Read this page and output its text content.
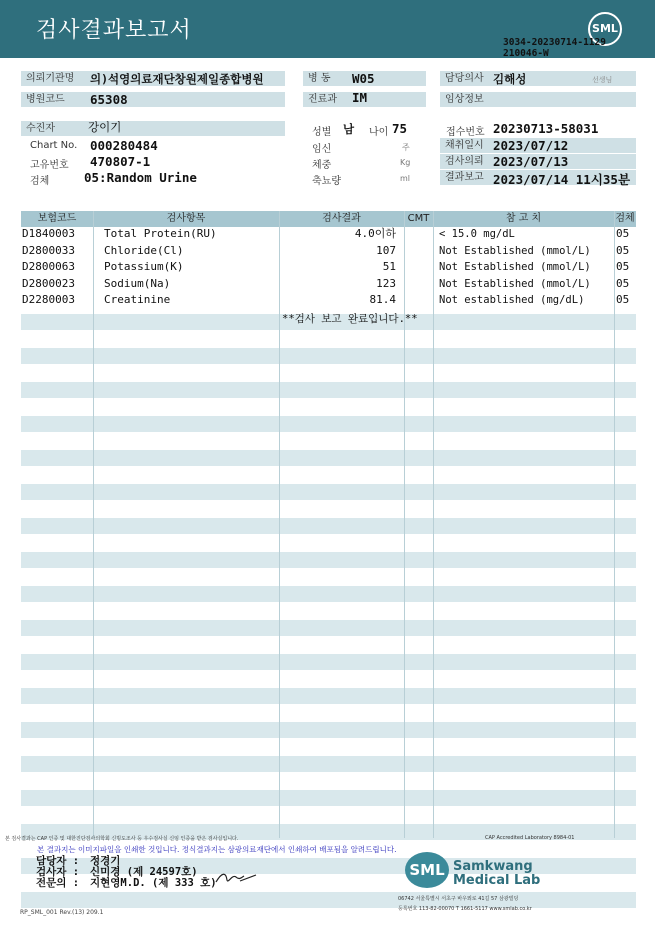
검사결과보고서	SML
3034-20230714-1129
210046-W
의뢰기관명	의)석영의료재단창원제일종합병원	병 동	W05	담당의사 김해성	선생님
병원코드	65308	진료과	IM	임상정보
수진자	강이기	성별 남 나이 75	접수번호 20230713-58031
Chart No. 000280484	임신	주	채취일시 2023/07/12
고유번호 470807-1	체중	Kg	검사의뢰 2023/07/13
검체	05:Random Urine	축뇨량	ml	결과보고 2023/07/14 11시35분
보험코드	검사항목	검사결과	CMT	참 고 치	검체
D1840003	Total Protein(RU)	4.0이하	< 15.0 mg/dL	05
D2800033	Chloride(Cl)	107	Not Established (mmol/L)	05
D2800063	Potassium(K)	51	Not Established (mmol/L)	05
D2800023	Sodium(Na)	123	Not Established (mmol/L)	05
D2280003	Creatinine	81.4	Not established (mg/dL)	05
**검사 보고 완료입니다.**
본 검사결과는 CAP 인증 및 대한진단검사의학회 신빙도조사 등 우수검사실 신임 인증을 받은 검사실입니다.	CAP Accredited Laboratory 8984-01
본 결과지는 이미지파일을 인쇄한 것입니다. 정식결과지는 삼광의료재단에서 인쇄하여 배포됨을 알려드립니다.
담당자 : 정경기
검사자 : 신미경 (제 24597호)
전문의 : 지현영M.D. (제 333 호)
SML Samkwang
Medical Lab
06742 서울특별시 서초구 바우뫼로 41길 57 삼광빌딩
등록번호 113-82-00070 T 1661-5117 www.smlab.co.kr
RP_SML_001 Rev.(13) 209.1
